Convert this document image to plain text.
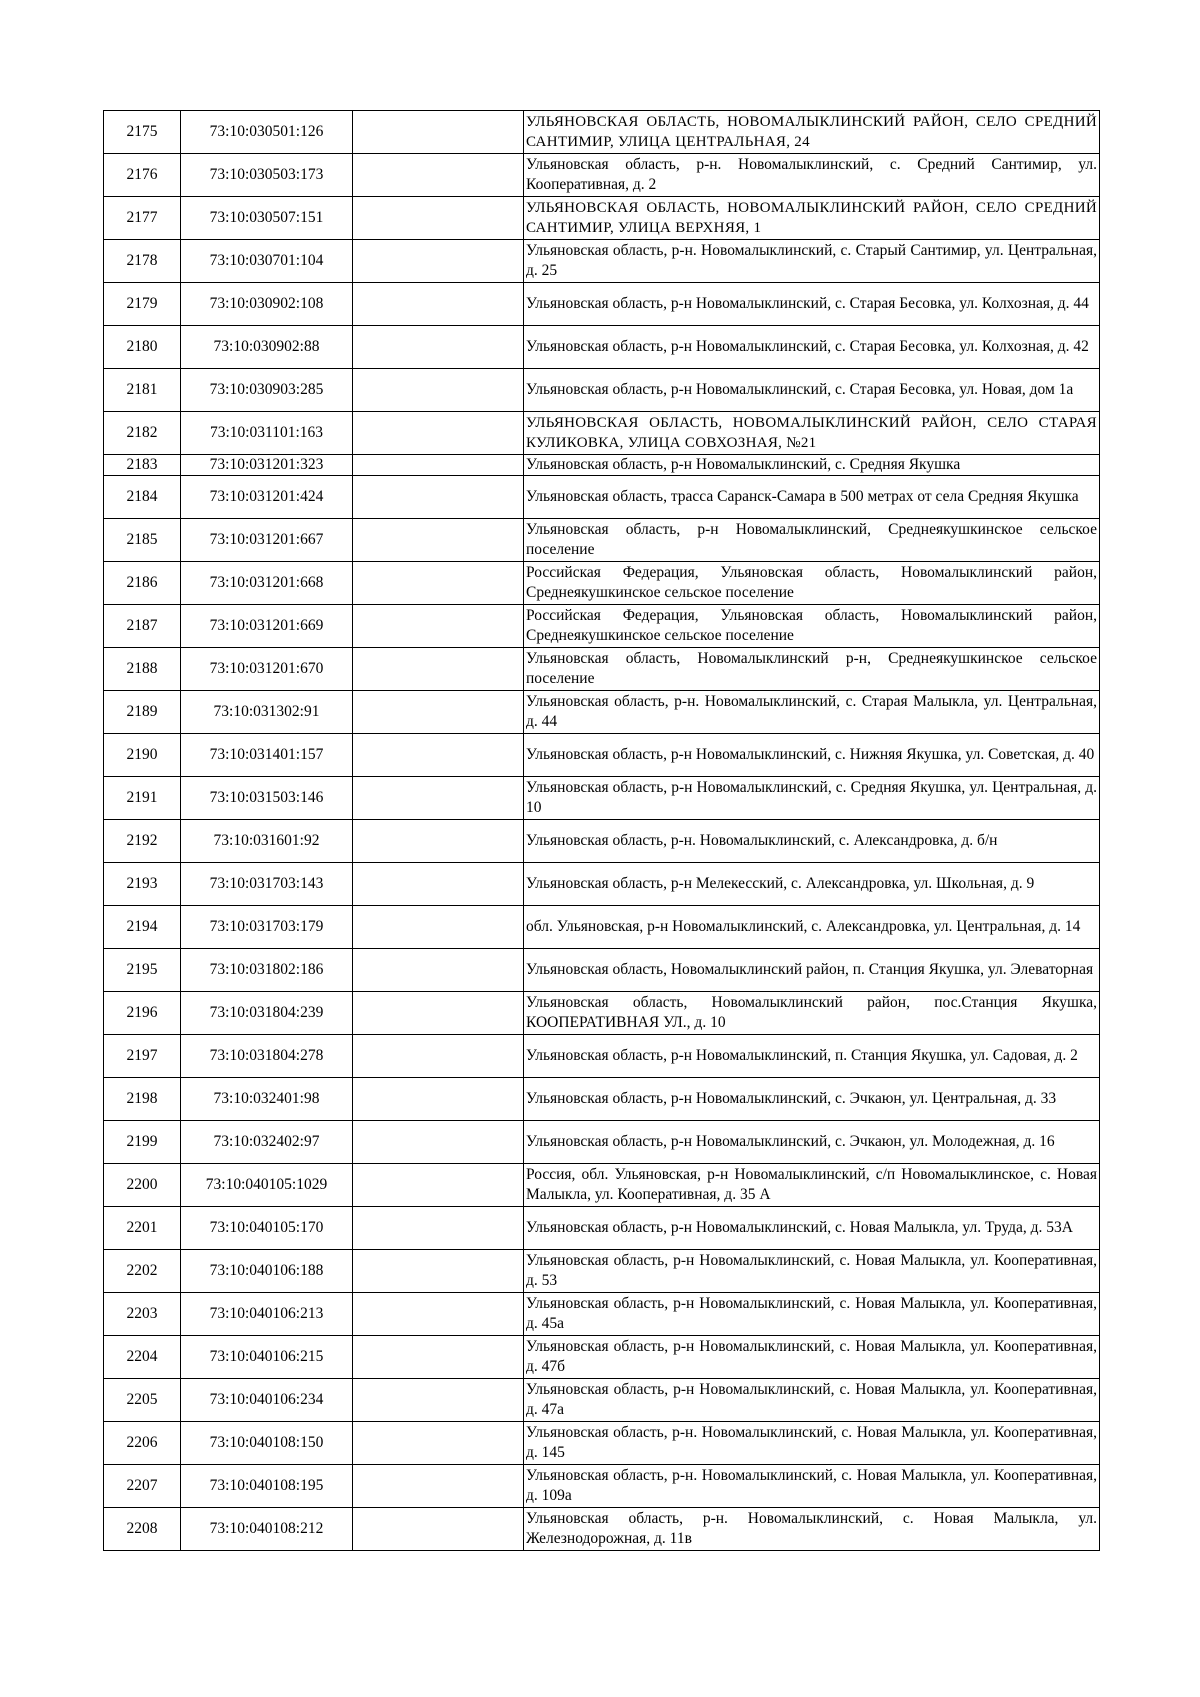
2175	73:10:030501:126		УЛЬЯНОВСКАЯ ОБЛАСТЬ, НОВОМАЛЫКЛИНСКИЙ РАЙОН, СЕЛО СРЕДНИЙ САНТИМИР, УЛИЦА ЦЕНТРАЛЬНАЯ, 24

2176	73:10:030503:173		Ульяновская область, р-н. Новомалыклинский, с. Средний Сантимир, ул. Кооперативная, д. 2

2177	73:10:030507:151		УЛЬЯНОВСКАЯ ОБЛАСТЬ, НОВОМАЛЫКЛИНСКИЙ РАЙОН, СЕЛО СРЕДНИЙ САНТИМИР, УЛИЦА ВЕРХНЯЯ, 1

2178	73:10:030701:104		Ульяновская область, р-н. Новомалыклинский, с. Старый Сантимир, ул. Центральная, д. 25

2179	73:10:030902:108		Ульяновская область, р-н Новомалыклинский, с. Старая Бесовка, ул. Колхозная, д. 44

2180	73:10:030902:88		Ульяновская область, р-н Новомалыклинский, с. Старая Бесовка, ул. Колхозная, д. 42

2181	73:10:030903:285		Ульяновская область, р-н Новомалыклинский, с. Старая Бесовка, ул. Новая, дом 1а

2182	73:10:031101:163		УЛЬЯНОВСКАЯ ОБЛАСТЬ, НОВОМАЛЫКЛИНСКИЙ РАЙОН, СЕЛО СТАРАЯ КУЛИКОВКА, УЛИЦА СОВХОЗНАЯ, №21

2183	73:10:031201:323		Ульяновская область, р-н Новомалыклинский, с. Средняя Якушка

2184	73:10:031201:424		Ульяновская область, трасса Саранск-Самара в 500 метрах от села Средняя Якушка

2185	73:10:031201:667		Ульяновская область, р-н Новомалыклинский, Среднеякушкинское сельское поселение

2186	73:10:031201:668		Российская Федерация, Ульяновская область, Новомалыклинский район, Среднеякушкинское сельское поселение

2187	73:10:031201:669		Российская Федерация, Ульяновская область, Новомалыклинский район, Среднеякушкинское сельское поселение

2188	73:10:031201:670		Ульяновская область, Новомалыклинский р-н, Среднеякушкинское сельское поселение

2189	73:10:031302:91		Ульяновская область, р-н. Новомалыклинский, с. Старая Малыкла, ул. Центральная, д. 44

2190	73:10:031401:157		Ульяновская область, р-н Новомалыклинский, с. Нижняя Якушка, ул. Советская, д. 40

2191	73:10:031503:146		Ульяновская область, р-н Новомалыклинский, с. Средняя Якушка, ул. Центральная, д. 10

2192	73:10:031601:92		Ульяновская область, р-н. Новомалыклинский, с. Александровка, д. б/н

2193	73:10:031703:143		Ульяновская область, р-н Мелекесский, с. Александровка, ул. Школьная, д. 9

2194	73:10:031703:179		обл. Ульяновская, р-н Новомалыклинский, с. Александровка, ул. Центральная, д. 14

2195	73:10:031802:186		Ульяновская область, Новомалыклинский район, п. Станция Якушка, ул. Элеваторная

2196	73:10:031804:239		Ульяновская область, Новомалыклинский район, пос.Станция Якушка, КООПЕРАТИВНАЯ УЛ., д. 10

2197	73:10:031804:278		Ульяновская область, р-н Новомалыклинский, п. Станция Якушка, ул. Садовая, д. 2

2198	73:10:032401:98		Ульяновская область, р-н Новомалыклинский, с. Эчкаюн, ул. Центральная, д. 33

2199	73:10:032402:97		Ульяновская область, р-н Новомалыклинский, с. Эчкаюн, ул. Молодежная, д. 16

2200	73:10:040105:1029		Россия, обл. Ульяновская, р-н Новомалыклинский, с/п Новомалыклинское, с. Новая Малыкла, ул. Кооперативная, д. 35 А

2201	73:10:040105:170		Ульяновская область, р-н Новомалыклинский, с. Новая Малыкла, ул. Труда, д. 53А

2202	73:10:040106:188		Ульяновская область, р-н Новомалыклинский, с. Новая Малыкла, ул. Кооперативная, д. 53

2203	73:10:040106:213		Ульяновская область, р-н Новомалыклинский, с. Новая Малыкла, ул. Кооперативная, д. 45а

2204	73:10:040106:215		Ульяновская область, р-н Новомалыклинский, с. Новая Малыкла, ул. Кооперативная, д. 47б

2205	73:10:040106:234		Ульяновская область, р-н Новомалыклинский, с. Новая Малыкла, ул. Кооперативная, д. 47а

2206	73:10:040108:150		Ульяновская область, р-н. Новомалыклинский, с. Новая Малыкла, ул. Кооперативная, д. 145

2207	73:10:040108:195		Ульяновская область, р-н. Новомалыклинский, с. Новая Малыкла, ул. Кооперативная, д. 109а

2208	73:10:040108:212		Ульяновская область, р-н. Новомалыклинский, с. Новая Малыкла, ул. Железнодорожная, д. 11в
